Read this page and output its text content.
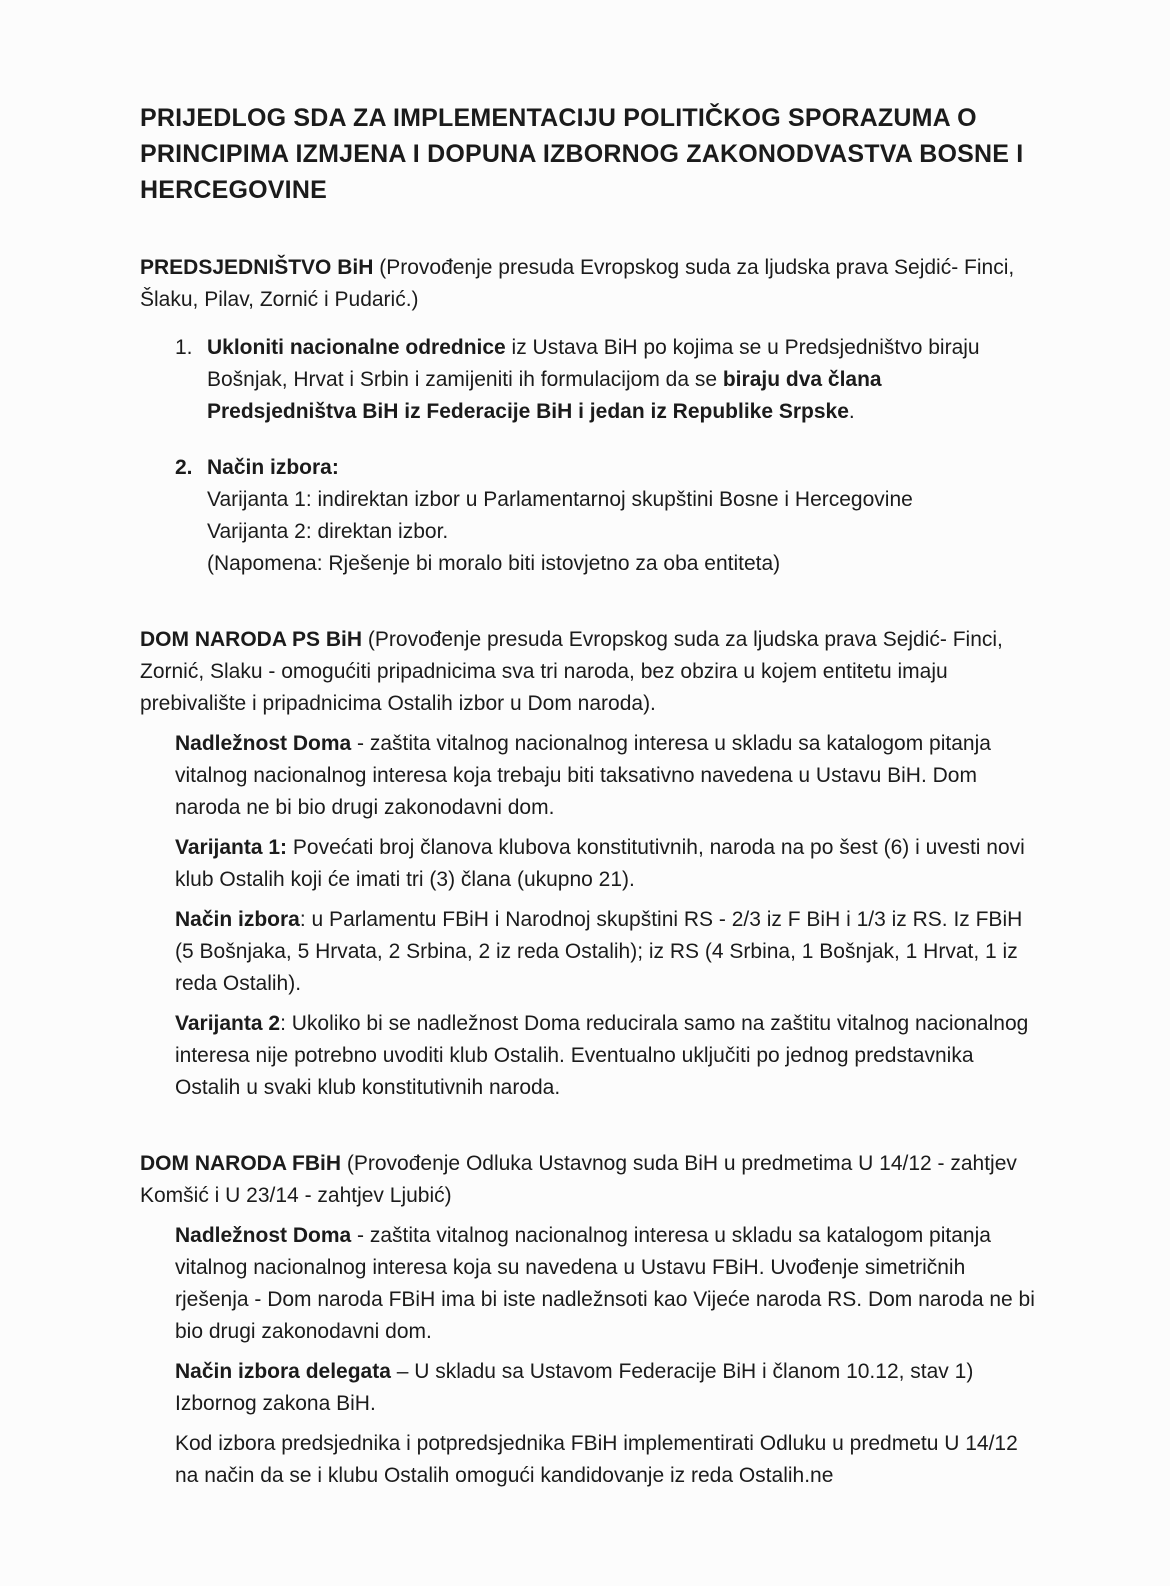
PRIJEDLOG SDA ZA IMPLEMENTACIJU POLITIČKOG SPORAZUMA O PRINCIPIMA IZMJENA I DOPUNA IZBORNOG ZAKONODVASTVA BOSNE I HERCEGOVINE

PREDSJEDNIŠTVO BiH (Provođenje presuda Evropskog suda za ljudska prava Sejdić- Finci, Šlaku, Pilav, Zornić i Pudarić.)

1. Ukloniti nacionalne odrednice iz Ustava BiH po kojima se u Predsjedništvo biraju Bošnjak, Hrvat i Srbin i zamijeniti ih formulacijom da se biraju dva člana Predsjedništva BiH iz Federacije BiH i jedan iz Republike Srpske.
2. Način izbora:
Varijanta 1: indirektan izbor u Parlamentarnoj skupštini Bosne i Hercegovine
Varijanta 2: direktan izbor.
(Napomena: Rješenje bi moralo biti istovjetno za oba entiteta)

DOM NARODA PS BiH (Provođenje presuda Evropskog suda za ljudska prava Sejdić- Finci, Zornić, Slaku - omogućiti pripadnicima sva tri naroda, bez obzira u kojem entitetu imaju prebivalište i pripadnicima Ostalih izbor u Dom naroda).

Nadležnost Doma - zaštita vitalnog nacionalnog interesa u skladu sa katalogom pitanja vitalnog nacionalnog interesa koja trebaju biti taksativno navedena u Ustavu BiH. Dom naroda ne bi bio drugi zakonodavni dom.

Varijanta 1: Povećati broj članova klubova konstitutivnih, naroda na po šest (6) i uvesti novi klub Ostalih koji će imati tri (3) člana (ukupno 21).

Način izbora: u Parlamentu FBiH i Narodnoj skupštini RS - 2/3 iz F BiH i 1/3 iz RS. Iz FBiH (5 Bošnjaka, 5 Hrvata, 2 Srbina, 2 iz reda Ostalih); iz RS (4 Srbina, 1 Bošnjak, 1 Hrvat, 1 iz reda Ostalih).

Varijanta 2: Ukoliko bi se nadležnost Doma reducirala samo na zaštitu vitalnog nacionalnog interesa nije potrebno uvoditi klub Ostalih. Eventualno uključiti po jednog predstavnika Ostalih u svaki klub konstitutivnih naroda.

DOM NARODA FBiH (Provođenje Odluka Ustavnog suda BiH u predmetima U 14/12 - zahtjev Komšić i U 23/14 - zahtjev Ljubić)

Nadležnost Doma - zaštita vitalnog nacionalnog interesa u skladu sa katalogom pitanja vitalnog nacionalnog interesa koja su navedena u Ustavu FBiH. Uvođenje simetričnih rješenja - Dom naroda FBiH ima bi iste nadležnsoti kao Vijeće naroda RS. Dom naroda ne bi bio drugi zakonodavni dom.

Način izbora delegata – U skladu sa Ustavom Federacije BiH i članom 10.12, stav 1) Izbornog zakona BiH.

Kod izbora predsjednika i potpredsjednika FBiH implementirati Odluku u predmetu U 14/12 na način da se i klubu Ostalih omogući kandidovanje iz reda Ostalih.ne
